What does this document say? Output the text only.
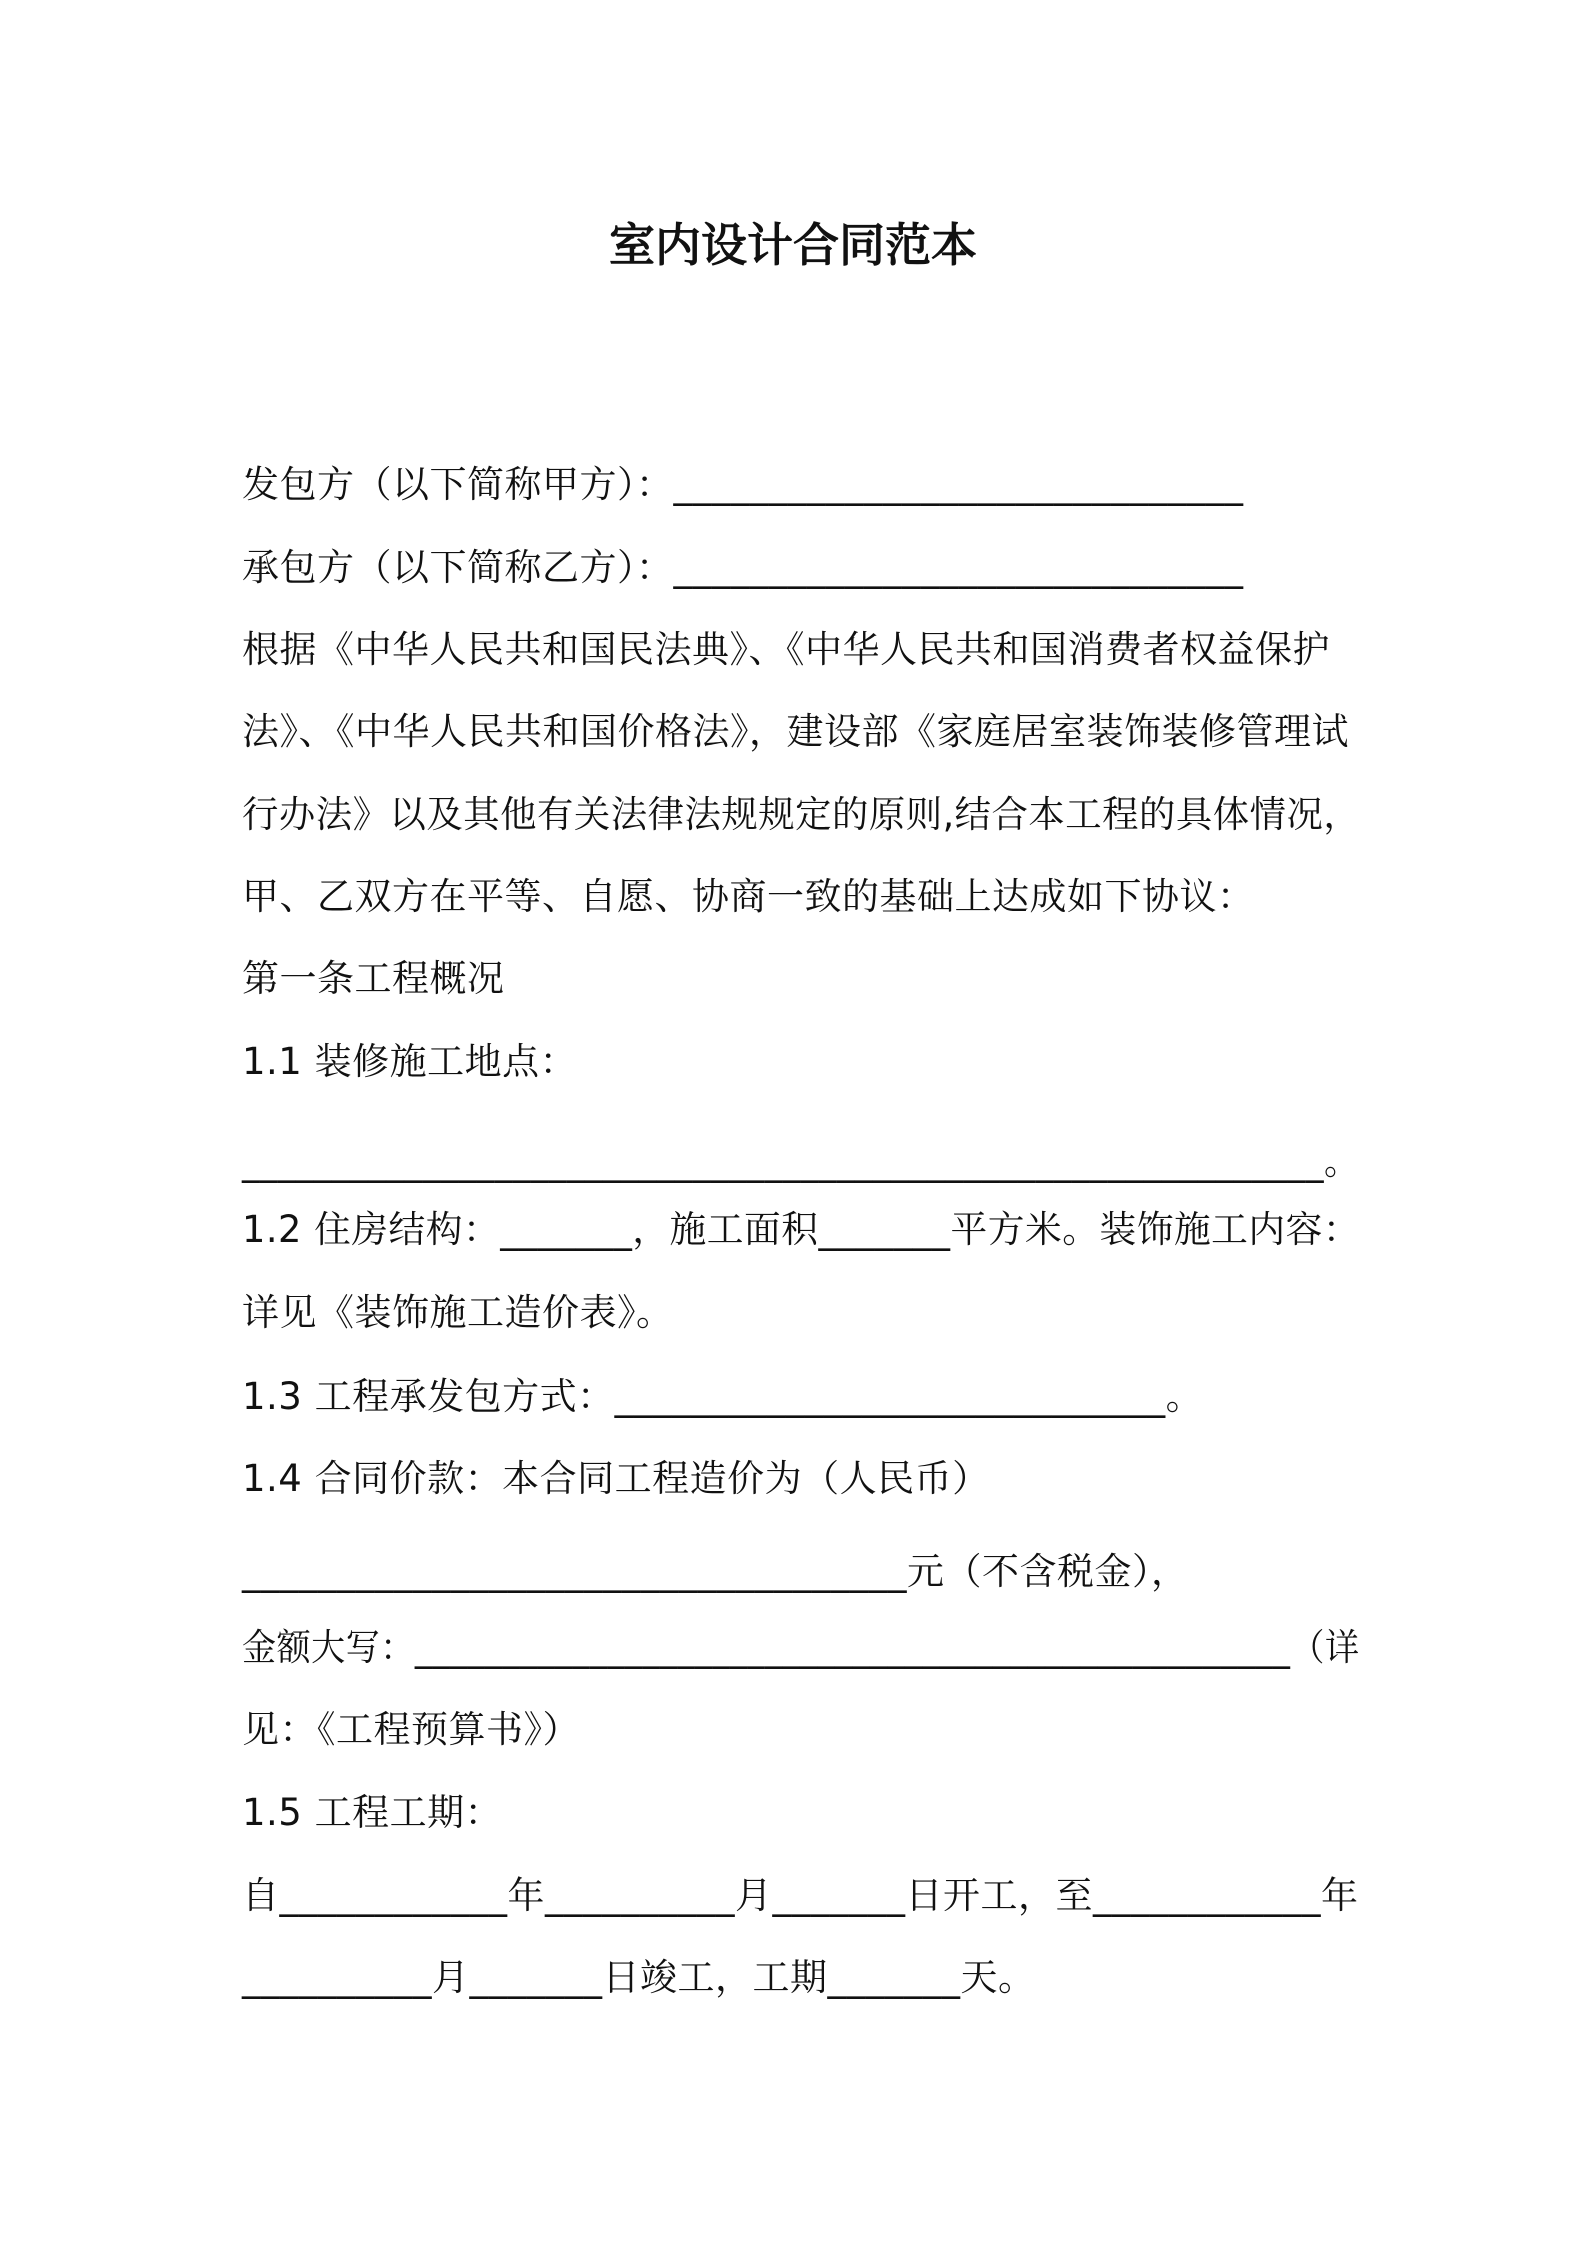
室内设计合同范本
发包方（以下简称甲方）：______________________________
承包方（以下简称乙方）：______________________________
根据《中华人民共和国民法典》、《中华人民共和国消费者权益保护
法》、《中华人民共和国价格法》，建设部《家庭居室装饰装修管理试
行办法》以及其他有关法律法规规定的原则,结合本工程的具体情况，
甲、乙双方在平等、自愿、协商一致的基础上达成如下协议：
第一条工程概况
1.1 装修施工地点：
____________________________________________________________。
1.2 住房结构：_______，施工面积_______平方米。装饰施工内容：
详见《装饰施工造价表》。
1.3 工程承发包方式：_____________________________。
1.4 合同价款：本合同工程造价为（人民币）
___________________________________元（不含税金），
金额大写：__________________________________________________（详
见：《工程预算书》）
1.5 工程工期：
自____________年__________月_______日开工，至____________年
__________月_______日竣工，工期_______天。
